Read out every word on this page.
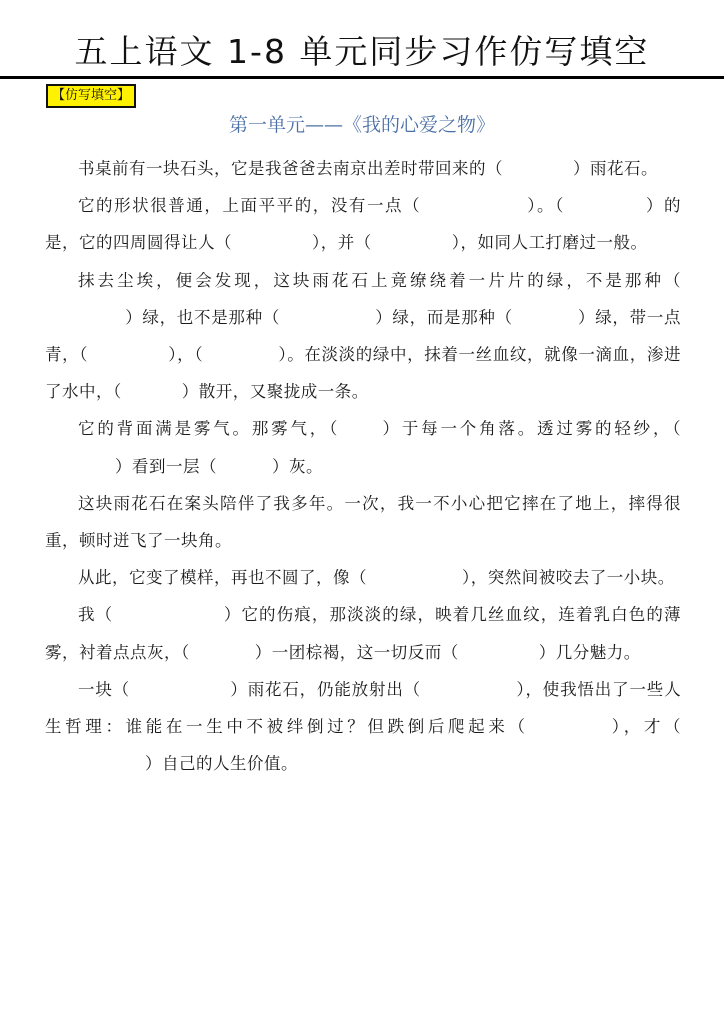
五上语文 1-8 单元同步习作仿写填空
【仿写填空】
第一单元——《我的心爱之物》

书桌前有一块石头，它是我爸爸去南京出差时带回来的（	）雨花石。

它的形状很普通，上面平平的，没有一点（	）。（	）的是，它的四周圆得让人（	），并（	），如同人工打磨过一般。

抹去尘埃，便会发现，这块雨花石上竟缭绕着一片片的绿，不是那种（）绿，也不是那种（	）绿，而是那种（	）绿，带一点青，（	），（	）。在淡淡的绿中，抹着一丝血纹，就像一滴血，渗进了水中，（	）散开，又聚拢成一条。

它的背面满是雾气。那雾气，（ ）于每一个角落。透过雾的轻纱，（）看到一层（	）灰。

这块雨花石在案头陪伴了我多年。一次，我一不小心把它摔在了地上，摔得很重，顿时迸飞了一块角。

从此，它变了模样，再也不圆了，像（	），突然间被咬去了一小块。

我（	）它的伤痕，那淡淡的绿，映着几丝血纹，连着乳白色的薄雾，衬着点点灰，（	）一团棕褐，这一切反而（	）几分魅力。

一块（	）雨花石，仍能放射出（	），使我悟出了一些人生哲理：谁能在一生中不被绊倒过？但跌倒后爬起来（	），才（）自己的人生价值。
